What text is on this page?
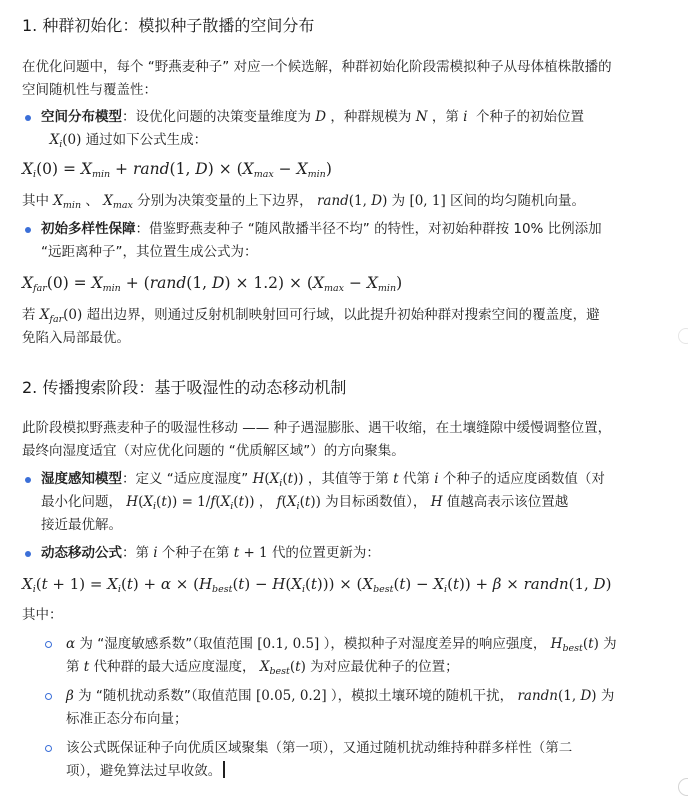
1. 种群初始化：模拟种子散播的空间分布
在优化问题中，每个 “野燕麦种子” 对应一个候选解，种群初始化阶段需模拟种子从母体植株散播的
空间随机性与覆盖性：
空间分布模型：设优化问题的决策变量维度为 D ，种群规模为 N ，第 i 个种子的初始位置
$X_i(0)$ 通过如下公式生成：
$X_i(0) = X_{min}$ + rand(1, $D) \times (X_{max} - X_{min})$
其中 $X_{min}$ 、 $X_{max}$ 分别为决策变量的上下边界， rand(1, D) 为 [0, 1] 区间的均匀随机向量。
初始多样性保障：借鉴野燕麦种子 “随风散播半径不均” 的特性，对初始种群按 10% 比例添加
“远距离种子”，其位置生成公式为：
$X_{far}(0) = X_{min}$ + (rand(1, $D) \times 1.2) \times (X_{max} - X_{min})$
若 $X_{far}(0)$ 超出边界，则通过反射机制映射回可行域，以此提升初始种群对搜索空间的覆盖度，避
免陷入局部最优。
2. 传播搜索阶段：基于吸湿性的动态移动机制
此阶段模拟野燕麦种子的吸湿性移动 —— 种子遇湿膨胀、遇干收缩，在土壤缝隙中缓慢调整位置，
最终向湿度适宜（对应优化问题的 “优质解区域”）的方向聚集。
湿度感知模型：定义 “适应度湿度” $H(X_i(t))$ ，其值等于第 t 代第 i 个种子的适应度函数值（对
最小化问题， $H(X_i(t)) = 1/f(X_i(t))$ ， $f(X_i(t))$ 为目标函数值）， H 值越高表示该位置越
接近最优解。
动态移动公式：第 i 个种子在第 t + 1 代的位置更新为：
$X_i(t + 1) = X_i(t) + \alpha \times (H_{best}(t) - H(X_i(t))) \times (X_{best}(t) - X_i(t)) + \beta$ × randn(1, D)
其中：
α 为 “湿度敏感系数”（取值范围 [0.1, 0.5] ），模拟种子对湿度差异的响应强度， $H_{best}(t)$ 为
第 t 代种群的最大适应度湿度， $X_{best}(t)$ 为对应最优种子的位置；
β 为 “随机扰动系数”（取值范围 [0.05, 0.2] ），模拟土壤环境的随机干扰， randn(1, D) 为
标准正态分布向量；
该公式既保证种子向优质区域聚集（第一项），又通过随机扰动维持种群多样性（第二
项），避免算法过早收敛。
